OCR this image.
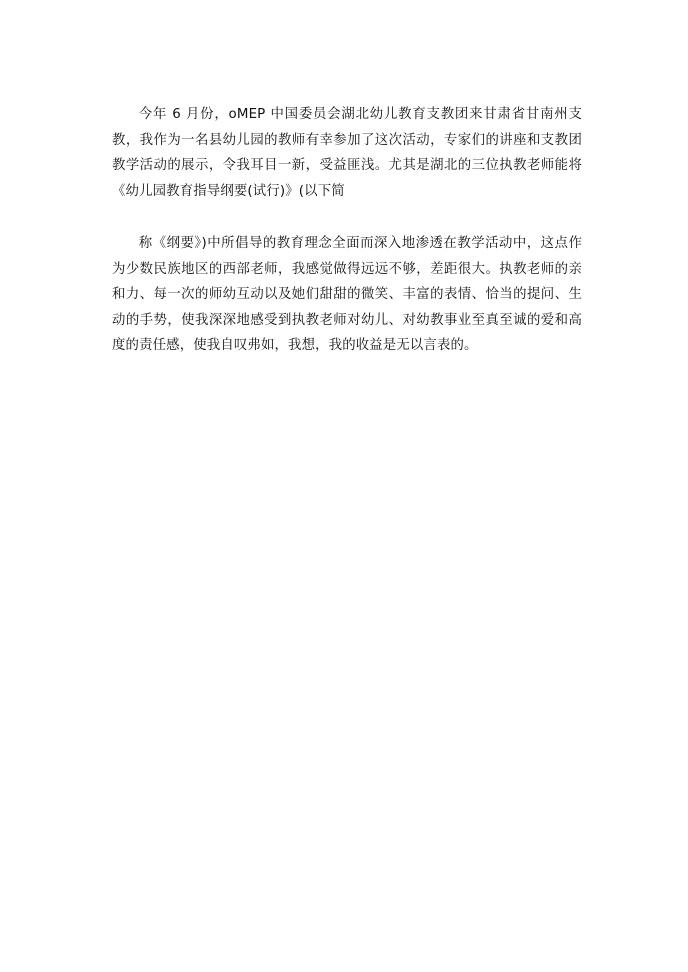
今年 6 月份，oMEP 中国委员会湖北幼儿教育支教团来甘肃省甘南州支教，我作为一名县幼儿园的教师有幸参加了这次活动，专家们的讲座和支教团教学活动的展示，令我耳目一新，受益匪浅。尤其是湖北的三位执教老师能将《幼儿园教育指导纲要(试行)》(以下简

称《纲要》)中所倡导的教育理念全面而深入地渗透在教学活动中，这点作为少数民族地区的西部老师，我感觉做得远远不够，差距很大。执教老师的亲和力、每一次的师幼互动以及她们甜甜的微笑、丰富的表情、恰当的提问、生动的手势，使我深深地感受到执教老师对幼儿、对幼教事业至真至诚的爱和高度的责任感，使我自叹弗如，我想，我的收益是无以言表的。
